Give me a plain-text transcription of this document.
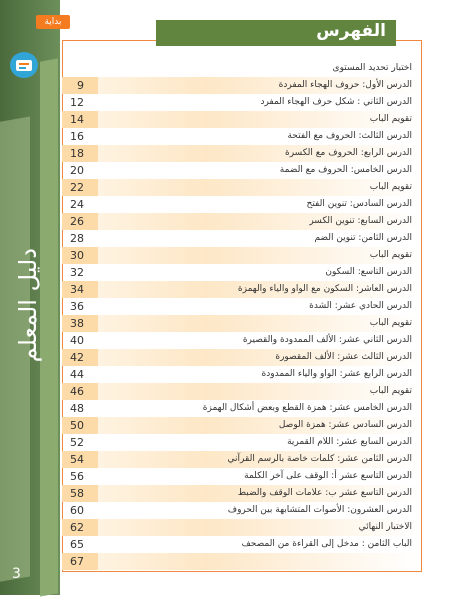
بداية
دليل المعلم
3
الفهرس
اختبار تحديد المستوى
9	الدرس الأول: حروف الهجاء المفردة
12	الدرس الثاني : شكل حرف الهجاء المفرد
14	تقويم الباب
16	الدرس الثالث: الحروف مع الفتحة
18	الدرس الرابع: الحروف مع الكسرة
20	الدرس الخامس: الحروف مع الضمة
22	تقويم الباب
24	الدرس السادس: تنوين الفتح
26	الدرس السابع: تنوين الكسر
28	الدرس الثامن: تنوين الضم
30	تقويم الباب
32	الدرس التاسع: السكون
34	الدرس العاشر: السكون مع الواو والياء والهمزة
36	الدرس الحادي عشر: الشدة
38	تقويم الباب
40	الدرس الثاني عشر: الألف الممدودة والقصيرة
42	الدرس الثالث عشر: الألف المقصورة
44	الدرس الرابع عشر: الواو والياء الممدودة
46	تقويم الباب
48	الدرس الخامس عشر: همزة القطع وبعض أشكال الهمزة
50	الدرس السادس عشر: همزة الوصل
52	الدرس السابع عشر: اللام القمرية
54	الدرس الثامن عشر: كلمات خاصة بالرسم القرآني
56	الدرس التاسع عشر أ: الوقف على آخر الكلمة
58	الدرس التاسع عشر ب: علامات الوقف والضبط
60	الدرس العشرون: الأصوات المتشابهة بين الحروف
62	الاختبار النهائي
65	الباب الثامن : مدخل إلى القراءة من المصحف
67
